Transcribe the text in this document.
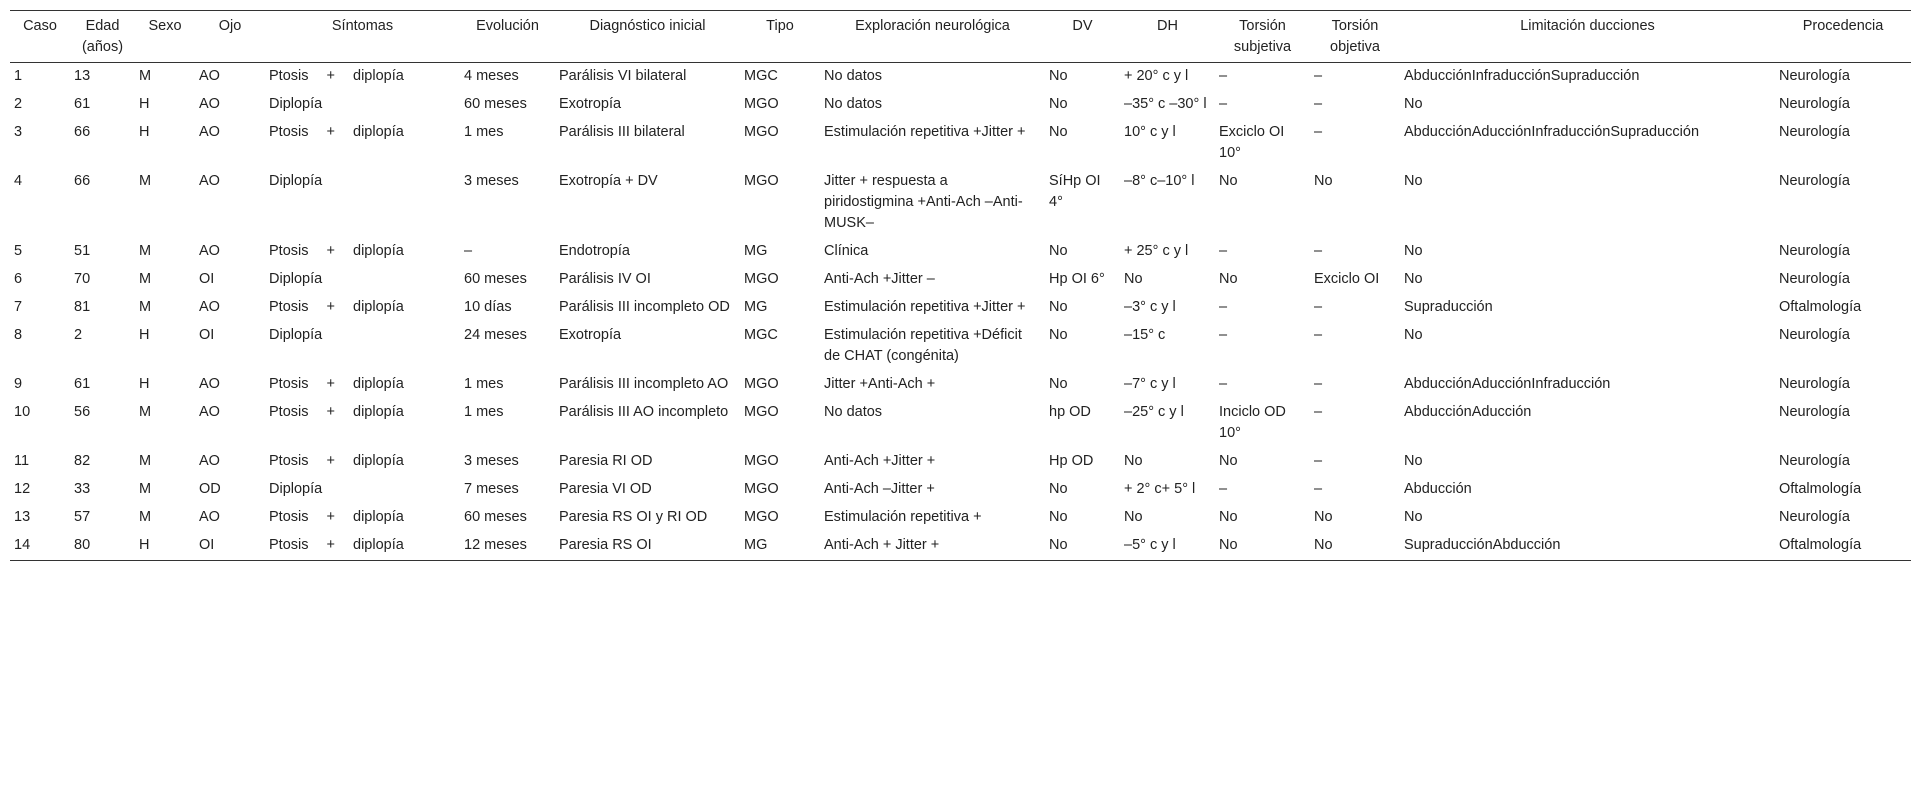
Caso	Edad (años)	Sexo	Ojo	Síntomas	Evolución	Diagnóstico inicial	Tipo	Exploración neurológica	DV	DH	Torsión subjetiva	Torsión objetiva	Limitación ducciones	Procedencia
1	13	M	AO	Ptosis + diplopía	4 meses	Parálisis VI bilateral	MGC	No datos	No	+ 20° c y l	–	–	AbducciónInfraducciónSupraducción	Neurología
2	61	H	AO	Diplopía	60 meses	Exotropía	MGO	No datos	No	–35° c –30° l	–	–	No	Neurología
3	66	H	AO	Ptosis + diplopía	1 mes	Parálisis III bilateral	MGO	Estimulación repetitiva +Jitter +	No	10° c y l	Exciclo OI 10°	–	AbducciónAducciónInfraducciónSupraducción	Neurología
4	66	M	AO	Diplopía	3 meses	Exotropía + DV	MGO	Jitter + respuesta a piridostigmina +Anti-Ach –Anti-MUSK–	SíHp OI 4°	–8° c–10° l	No	No	No	Neurología
5	51	M	AO	Ptosis + diplopía	–	Endotropía	MG	Clínica	No	+ 25° c y l	–	–	No	Neurología
6	70	M	OI	Diplopía	60 meses	Parálisis IV OI	MGO	Anti-Ach +Jitter –	Hp OI 6°	No	No	Exciclo OI	No	Neurología
7	81	M	AO	Ptosis + diplopía	10 días	Parálisis III incompleto OD	MG	Estimulación repetitiva +Jitter +	No	–3° c y l	–	–	Supraducción	Oftalmología
8	2	H	OI	Diplopía	24 meses	Exotropía	MGC	Estimulación repetitiva +Déficit de CHAT (congénita)	No	–15° c	–	–	No	Neurología
9	61	H	AO	Ptosis + diplopía	1 mes	Parálisis III incompleto AO	MGO	Jitter +Anti-Ach +	No	–7° c y l	–	–	AbducciónAducciónInfraducción	Neurología
10	56	M	AO	Ptosis + diplopía	1 mes	Parálisis III AO incompleto	MGO	No datos	hp OD	–25° c y l	Inciclo OD 10°	–	AbducciónAducción	Neurología
11	82	M	AO	Ptosis + diplopía	3 meses	Paresia RI OD	MGO	Anti-Ach +Jitter +	Hp OD	No	No	–	No	Neurología
12	33	M	OD	Diplopía	7 meses	Paresia VI OD	MGO	Anti-Ach –Jitter +	No	+ 2° c+ 5° l	–	–	Abducción	Oftalmología
13	57	M	AO	Ptosis + diplopía	60 meses	Paresia RS OI y RI OD	MGO	Estimulación repetitiva +	No	No	No	No	No	Neurología
14	80	H	OI	Ptosis + diplopía	12 meses	Paresia RS OI	MG	Anti-Ach + Jitter +	No	–5° c y l	No	No	SupraducciónAbducción	Oftalmología
